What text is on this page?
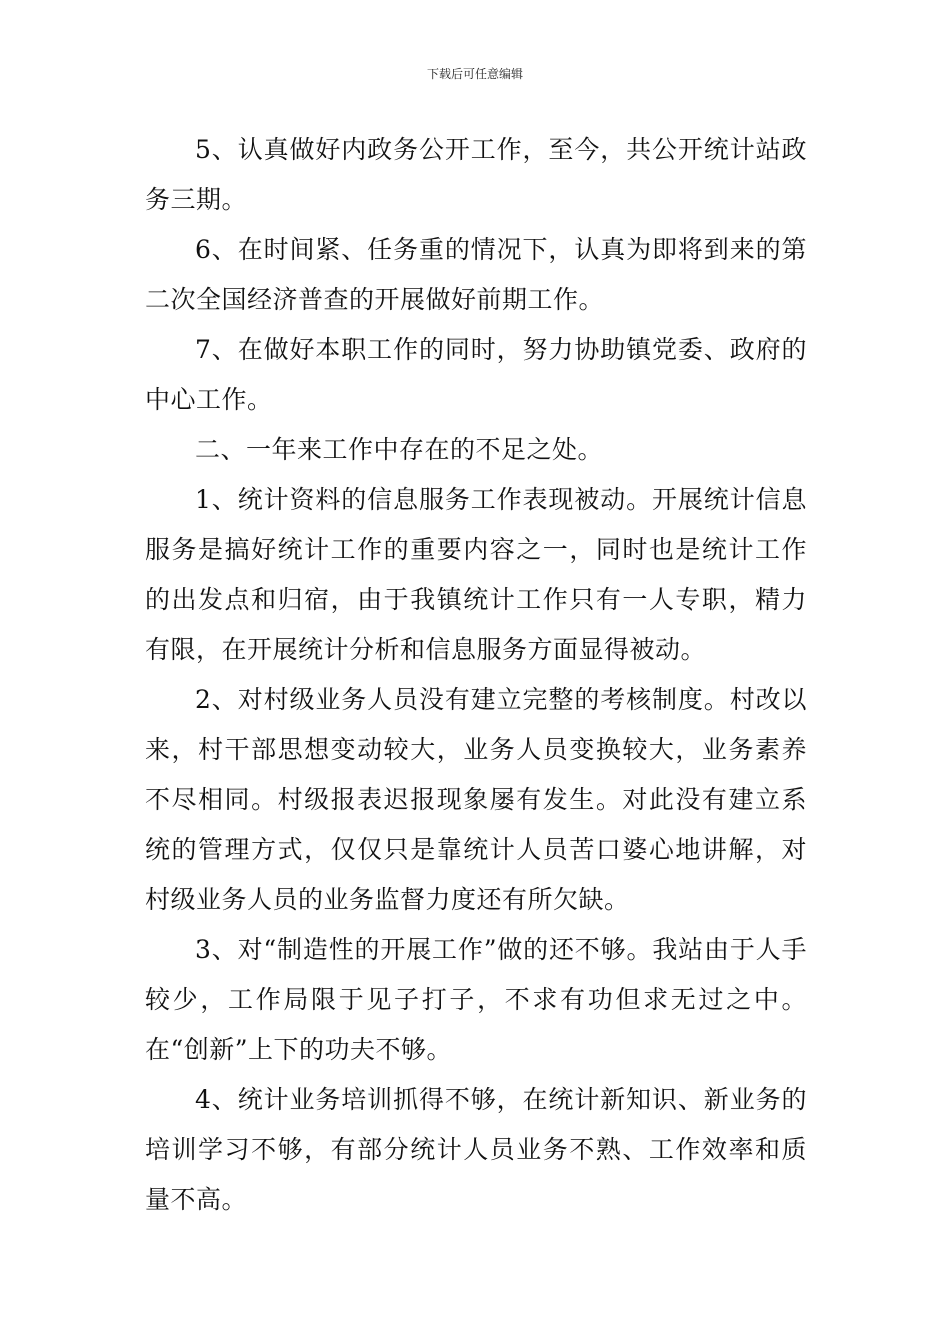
下载后可任意编辑

5、认真做好内政务公开工作，至今，共公开统计站政务三期。

6、在时间紧、任务重的情况下，认真为即将到来的第二次全国经济普查的开展做好前期工作。

7、在做好本职工作的同时，努力协助镇党委、政府的中心工作。

二、一年来工作中存在的不足之处。

1、统计资料的信息服务工作表现被动。开展统计信息服务是搞好统计工作的重要内容之一，同时也是统计工作的出发点和归宿，由于我镇统计工作只有一人专职，精力有限，在开展统计分析和信息服务方面显得被动。

2、对村级业务人员没有建立完整的考核制度。村改以来，村干部思想变动较大，业务人员变换较大，业务素养不尽相同。村级报表迟报现象屡有发生。对此没有建立系统的管理方式，仅仅只是靠统计人员苦口婆心地讲解，对村级业务人员的业务监督力度还有所欠缺。

3、对“制造性的开展工作”做的还不够。我站由于人手较少，工作局限于见子打子，不求有功但求无过之中。在“创新”上下的功夫不够。

4、统计业务培训抓得不够，在统计新知识、新业务的培训学习不够，有部分统计人员业务不熟、工作效率和质量不高。
